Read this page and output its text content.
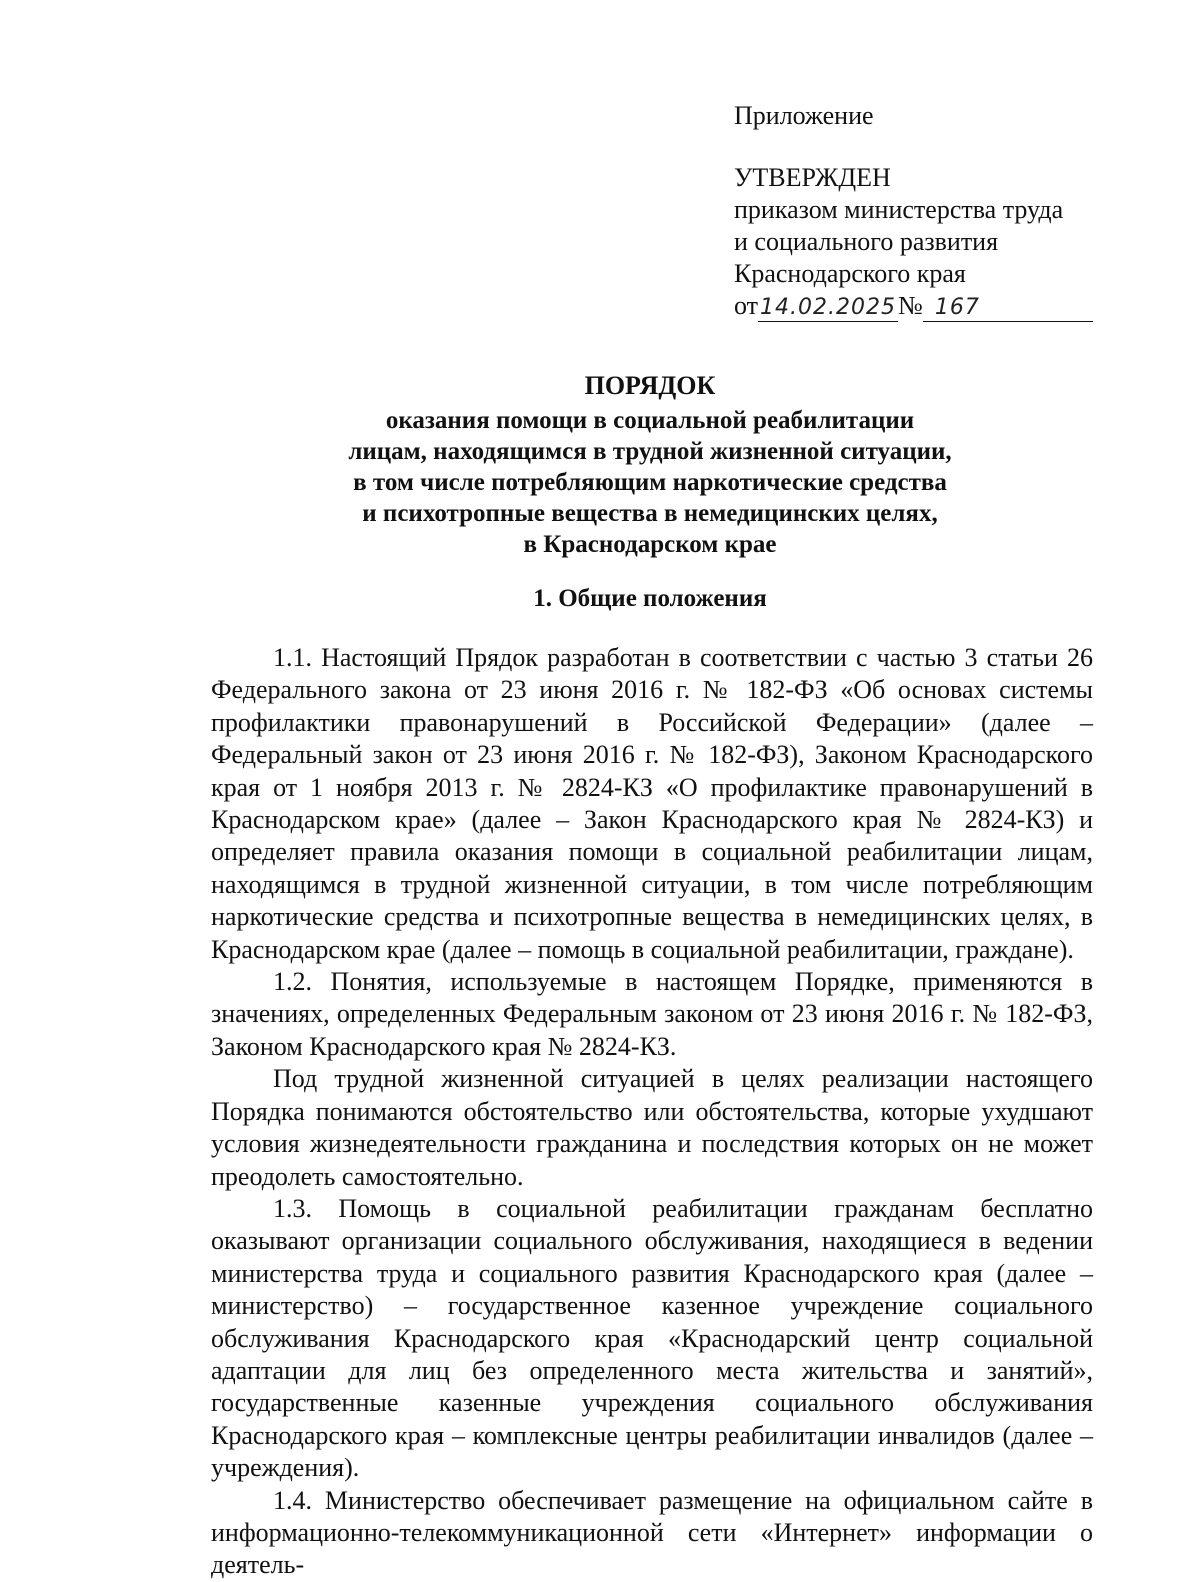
Приложение
УТВЕРЖДЕН
приказом министерства труда
и социального развития
Краснодарского края
от14.02.2025№ 167
ПОРЯДОК
оказания помощи в социальной реабилитации
лицам, находящимся в трудной жизненной ситуации,
в том числе потребляющим наркотические средства
и психотропные вещества в немедицинских целях,
в Краснодарском крае
1. Общие положения

1.1. Настоящий Прядок разработан в соответствии с частью 3 статьи 26 Федерального закона от 23 июня 2016 г. № 182-ФЗ «Об основах системы профилактики правонарушений в Российской Федерации» (далее – Федеральный закон от 23 июня 2016 г. № 182-ФЗ), Законом Краснодарского края от 1 ноября 2013 г. № 2824-КЗ «О профилактике правонарушений в Краснодарском крае» (далее – Закон Краснодарского края № 2824-КЗ) и определяет правила оказания помощи в социальной реабилитации лицам, находящимся в трудной жизненной ситуации, в том числе потребляющим наркотические средства и психотропные вещества в немедицинских целях, в Краснодарском крае (далее – помощь в социальной реабилитации, граждане).

1.2. Понятия, используемые в настоящем Порядке, применяются в значениях, определенных Федеральным законом от 23 июня 2016 г. № 182-ФЗ, Законом Краснодарского края № 2824-КЗ.

Под трудной жизненной ситуацией в целях реализации настоящего Порядка понимаются обстоятельство или обстоятельства, которые ухудшают условия жизнедеятельности гражданина и последствия которых он не может преодолеть самостоятельно.

1.3. Помощь в социальной реабилитации гражданам бесплатно оказывают организации социального обслуживания, находящиеся в ведении министерства труда и социального развития Краснодарского края (далее – министерство) – государственное казенное учреждение социального обслуживания Краснодарского края «Краснодарский центр социальной адаптации для лиц без определенного места жительства и занятий», государственные казенные учреждения социального обслуживания Краснодарского края – комплексные центры реабилитации инвалидов (далее – учреждения).

1.4. Министерство обеспечивает размещение на официальном сайте в информационно-телекоммуникационной сети «Интернет» информации о деятель-
